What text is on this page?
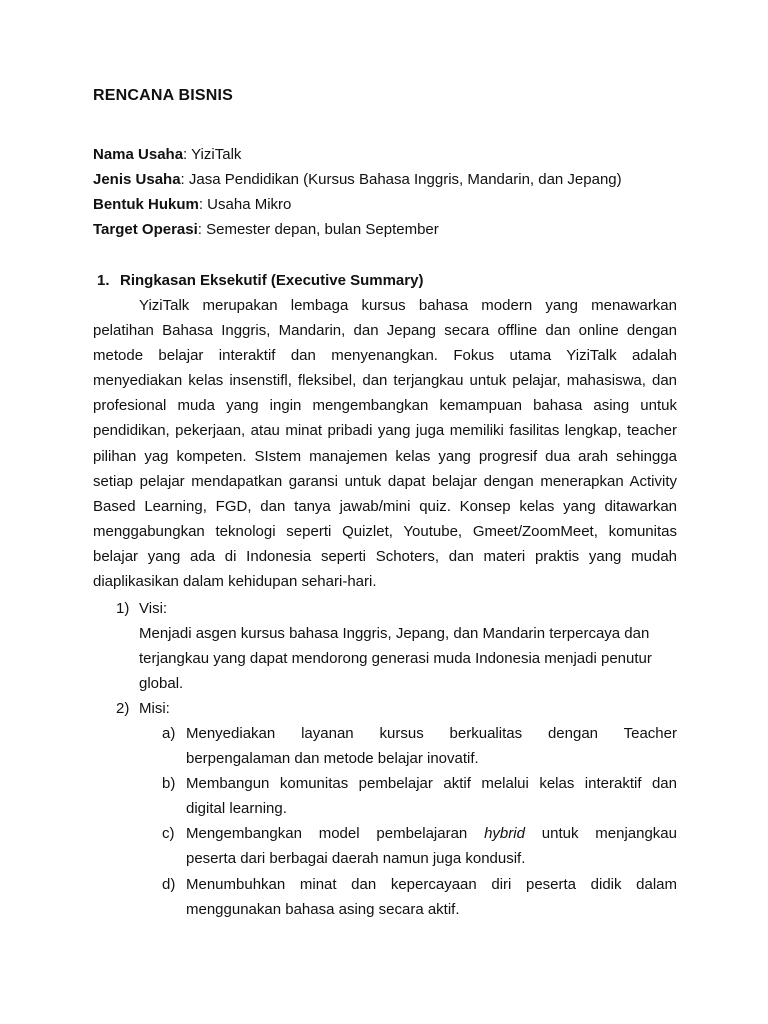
RENCANA BISNIS
Nama Usaha: YiziTalk
Jenis Usaha: Jasa Pendidikan (Kursus Bahasa Inggris, Mandarin, dan Jepang)
Bentuk Hukum: Usaha Mikro
Target Operasi: Semester depan, bulan September
1. Ringkasan Eksekutif (Executive Summary)

YiziTalk merupakan lembaga kursus bahasa modern yang menawarkan pelatihan Bahasa Inggris, Mandarin, dan Jepang secara offline dan online dengan metode belajar interaktif dan menyenangkan. Fokus utama YiziTalk adalah menyediakan kelas insenstifl, fleksibel, dan terjangkau untuk pelajar, mahasiswa, dan profesional muda yang ingin mengembangkan kemampuan bahasa asing untuk pendidikan, pekerjaan, atau minat pribadi yang juga memiliki fasilitas lengkap, teacher pilihan yag kompeten. SIstem manajemen kelas yang progresif dua arah sehingga setiap pelajar mendapatkan garansi untuk dapat belajar dengan menerapkan Activity Based Learning, FGD, dan tanya jawab/mini quiz. Konsep kelas yang ditawarkan menggabungkan teknologi seperti Quizlet, Youtube, Gmeet/ZoomMeet, komunitas belajar yang ada di Indonesia seperti Schoters, dan materi praktis yang mudah diaplikasikan dalam kehidupan sehari-hari.

1) Visi:

Menjadi asgen kursus bahasa Inggris, Jepang, dan Mandarin terpercaya dan terjangkau yang dapat mendorong generasi muda Indonesia menjadi penutur global.

2) Misi:
a) Menyediakan layanan kursus berkualitas dengan Teacher
berpengalaman dan metode belajar inovatif.
b) Membangun komunitas pembelajar aktif melalui kelas interaktif dan
digital learning.
c) Mengembangkan model pembelajaran hybrid untuk menjangkau
peserta dari berbagai daerah namun juga kondusif.
d) Menumbuhkan minat dan kepercayaan diri peserta didik dalam
menggunakan bahasa asing secara aktif.
